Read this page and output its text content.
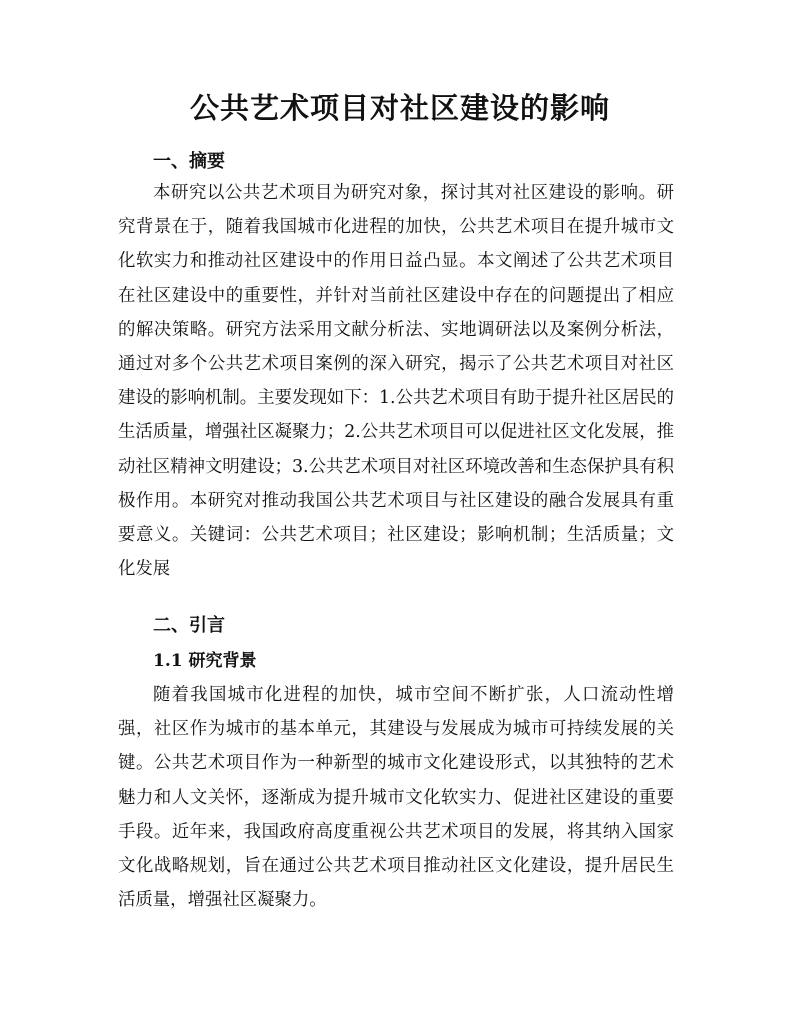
公共艺术项目对社区建设的影响
一、摘要

本研究以公共艺术项目为研究对象，探讨其对社区建设的影响。研究背景在于，随着我国城市化进程的加快，公共艺术项目在提升城市文化软实力和推动社区建设中的作用日益凸显。本文阐述了公共艺术项目在社区建设中的重要性，并针对当前社区建设中存在的问题提出了相应的解决策略。研究方法采用文献分析法、实地调研法以及案例分析法，通过对多个公共艺术项目案例的深入研究，揭示了公共艺术项目对社区建设的影响机制。主要发现如下：1.公共艺术项目有助于提升社区居民的生活质量，增强社区凝聚力；2.公共艺术项目可以促进社区文化发展，推动社区精神文明建设；3.公共艺术项目对社区环境改善和生态保护具有积极作用。本研究对推动我国公共艺术项目与社区建设的融合发展具有重要意义。关键词：公共艺术项目；社区建设；影响机制；生活质量；文化发展

二、引言
1.1 研究背景

随着我国城市化进程的加快，城市空间不断扩张，人口流动性增强，社区作为城市的基本单元，其建设与发展成为城市可持续发展的关键。公共艺术项目作为一种新型的城市文化建设形式，以其独特的艺术魅力和人文关怀，逐渐成为提升城市文化软实力、促进社区建设的重要手段。近年来，我国政府高度重视公共艺术项目的发展，将其纳入国家文化战略规划，旨在通过公共艺术项目推动社区文化建设，提升居民生活质量，增强社区凝聚力。
